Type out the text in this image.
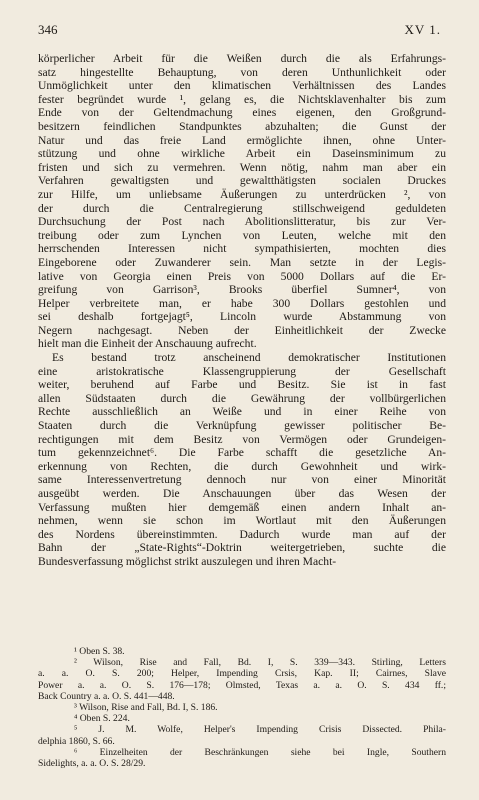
346	XV 1.
körperlicher Arbeit für die Weißen durch die als Erfahrungs-
satz hingestellte Behauptung, von deren Unthunlichkeit oder
Unmöglichkeit unter den klimatischen Verhältnissen des Landes
fester begründet wurde ¹, gelang es, die Nichtsklavenhalter bis zum
Ende von der Geltendmachung eines eigenen, den Großgrund-
besitzern feindlichen Standpunktes abzuhalten; die Gunst der
Natur und das freie Land ermöglichte ihnen, ohne Unter-
stützung und ohne wirkliche Arbeit ein Daseinsminimum zu
fristen und sich zu vermehren. Wenn nötig, nahm man aber ein
Verfahren gewaltigsten und gewaltthätigsten socialen Druckes
zur Hilfe, um unliebsame Äußerungen zu unterdrücken ², von
der durch die Centralregierung stillschweigend geduldeten
Durchsuchung der Post nach Abolitionslitteratur, bis zur Ver-
treibung oder zum Lynchen von Leuten, welche mit den
herrschenden Interessen nicht sympathisierten, mochten dies
Eingeborene oder Zuwanderer sein. Man setzte in der Legis-
lative von Georgia einen Preis von 5000 Dollars auf die Er-
greifung von Garrison³, Brooks überfiel Sumner⁴, von
Helper verbreitete man, er habe 300 Dollars gestohlen und
sei deshalb fortgejagt⁵, Lincoln wurde Abstammung von
Negern nachgesagt. Neben der Einheitlichkeit der Zwecke
hielt man die Einheit der Anschauung aufrecht.
Es bestand trotz anscheinend demokratischer Institutionen
eine aristokratische Klassengruppierung der Gesellschaft
weiter, beruhend auf Farbe und Besitz. Sie ist in fast
allen Südstaaten durch die Gewährung der vollbürgerlichen
Rechte ausschließlich an Weiße und in einer Reihe von
Staaten durch die Verknüpfung gewisser politischer Be-
rechtigungen mit dem Besitz von Vermögen oder Grundeigen-
tum gekennzeichnet⁶. Die Farbe schafft die gesetzliche An-
erkennung von Rechten, die durch Gewohnheit und wirk-
same Interessenvertretung dennoch nur von einer Minorität
ausgeübt werden. Die Anschauungen über das Wesen der
Verfassung mußten hier demgemäß einen andern Inhalt an-
nehmen, wenn sie schon im Wortlaut mit den Äußerungen
des Nordens übereinstimmten. Dadurch wurde man auf der
Bahn der „State-Rights“-Doktrin weitergetrieben, suchte die
Bundesverfassung möglichst strikt auszulegen und ihren Macht-
¹ Oben S. 38.
² Wilson, Rise and Fall, Bd. I, S. 339—343. Stirling, Letters
a. a. O. S. 200; Helper, Impending Crsis, Kap. II; Cairnes, Slave
Power a. a. O. S. 176—178; Olmsted, Texas a. a. O. S. 434 ff.;
Back Country a. a. O. S. 441—448.
³ Wilson, Rise and Fall, Bd. I, S. 186.
⁴ Oben S. 224.
⁵ J. M. Wolfe, Helper's Impending Crisis Dissected. Phila-
delphia 1860, S. 66.
⁶ Einzelheiten der Beschränkungen siehe bei Ingle, Southern
Sidelights, a. a. O. S. 28/29.
